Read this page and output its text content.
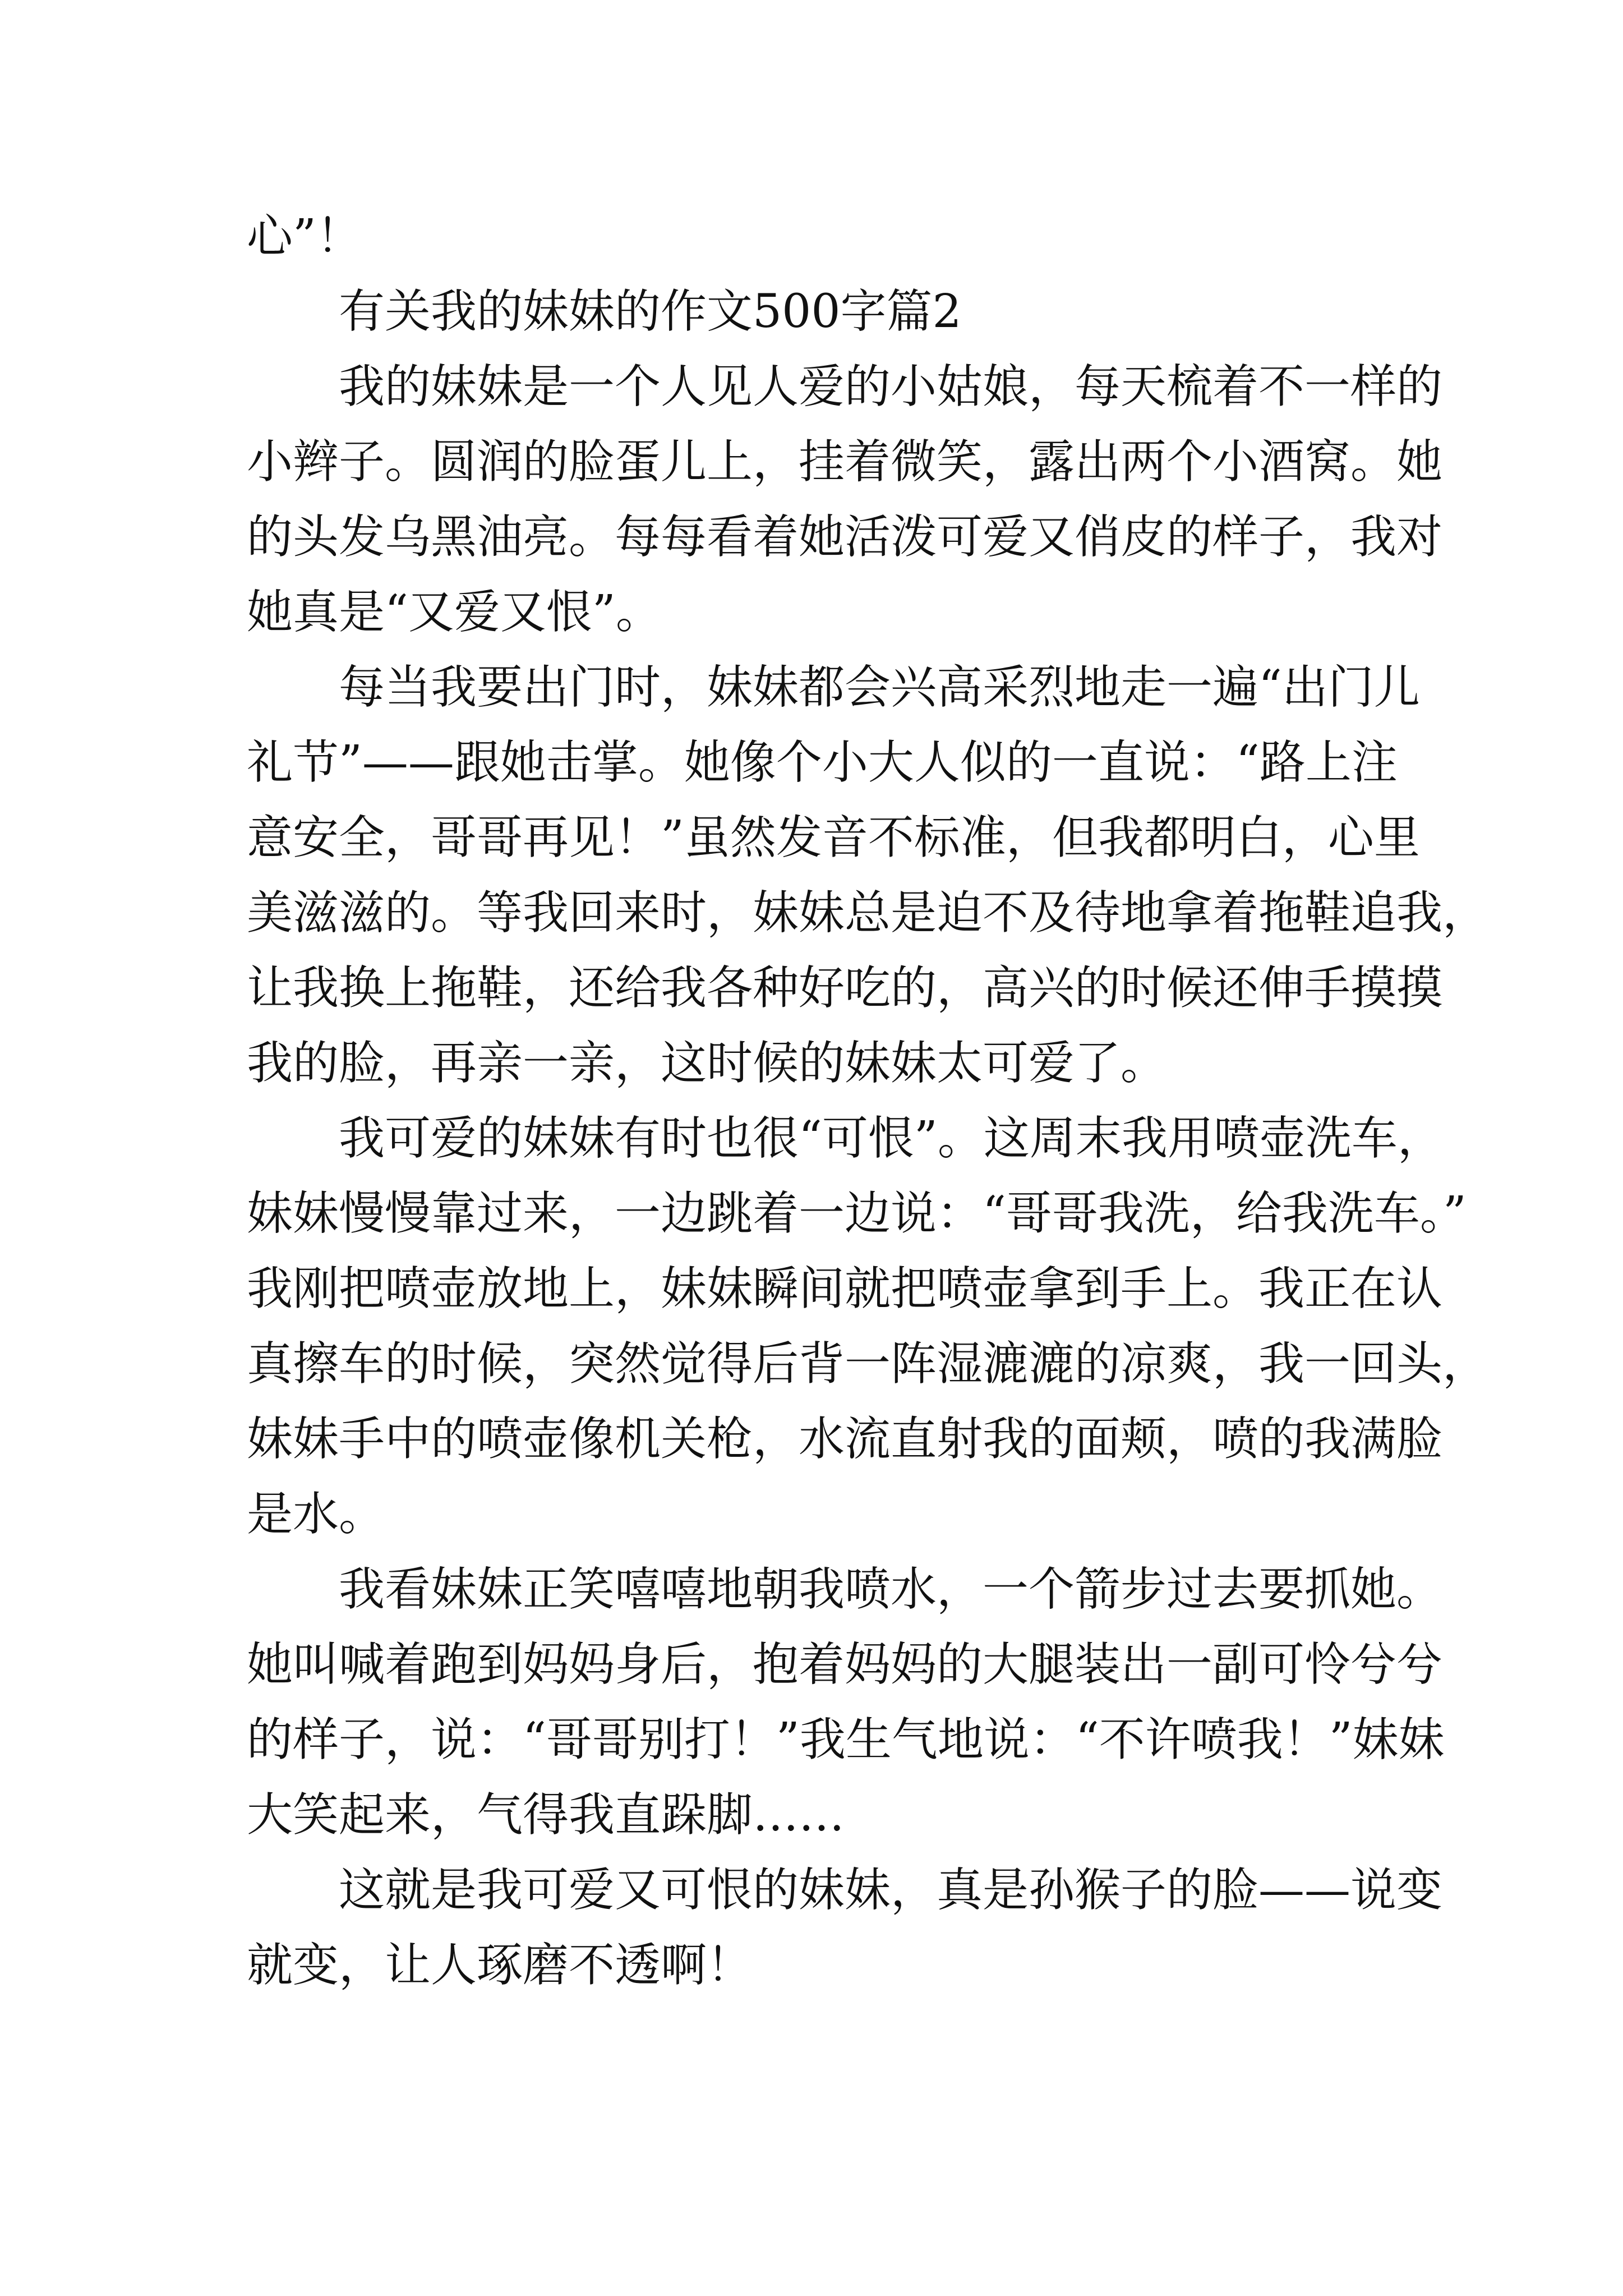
心”！
有关我的妹妹的作文500字篇2
我的妹妹是一个人见人爱的小姑娘，每天梳着不一样的
小辫子。圆润的脸蛋儿上，挂着微笑，露出两个小酒窝。她
的头发乌黑油亮。每每看着她活泼可爱又俏皮的样子，我对
她真是“又爱又恨”。
每当我要出门时，妹妹都会兴高采烈地走一遍“出门儿
礼节”——跟她击掌。她像个小大人似的一直说：“路上注
意安全，哥哥再见！”虽然发音不标准，但我都明白，心里
美滋滋的。等我回来时，妹妹总是迫不及待地拿着拖鞋追我，
让我换上拖鞋，还给我各种好吃的，高兴的时候还伸手摸摸
我的脸，再亲一亲，这时候的妹妹太可爱了。
我可爱的妹妹有时也很“可恨”。这周末我用喷壶洗车，
妹妹慢慢靠过来，一边跳着一边说：“哥哥我洗，给我洗车。”
我刚把喷壶放地上，妹妹瞬间就把喷壶拿到手上。我正在认
真擦车的时候，突然觉得后背一阵湿漉漉的凉爽，我一回头，
妹妹手中的喷壶像机关枪，水流直射我的面颊，喷的我满脸
是水。
我看妹妹正笑嘻嘻地朝我喷水，一个箭步过去要抓她。
她叫喊着跑到妈妈身后，抱着妈妈的大腿装出一副可怜兮兮
的样子，说：“哥哥别打！”我生气地说：“不许喷我！”妹妹
大笑起来，气得我直跺脚……
这就是我可爱又可恨的妹妹，真是孙猴子的脸——说变
就变，让人琢磨不透啊！
